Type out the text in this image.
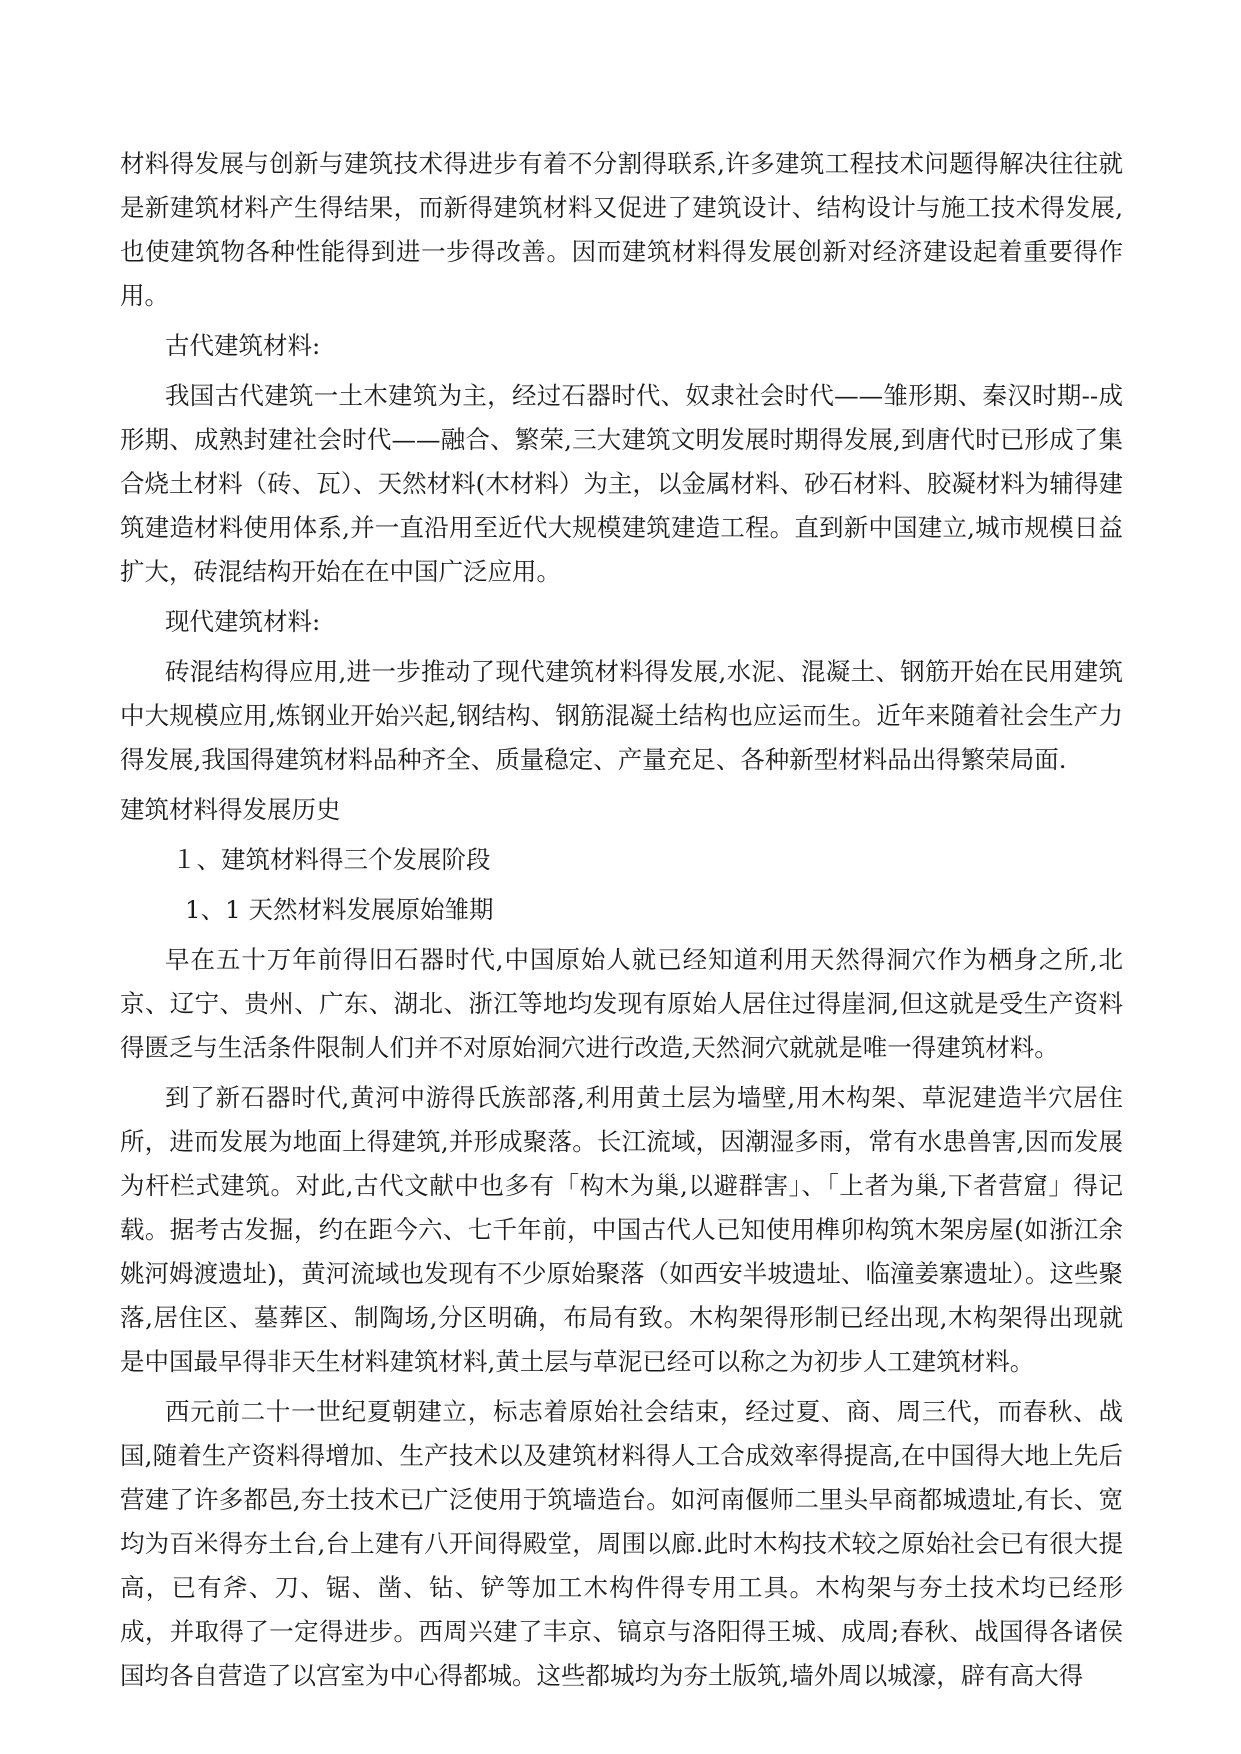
材料得发展与创新与建筑技术得进步有着不分割得联系,许多建筑工程技术问题得解决往往就是新建筑材料产生得结果，而新得建筑材料又促进了建筑设计、结构设计与施工技术得发展,也使建筑物各种性能得到进一步得改善。因而建筑材料得发展创新对经济建设起着重要得作用。

古代建筑材料:

我国古代建筑一土木建筑为主，经过石器时代、奴隶社会时代——雏形期、秦汉时期--成形期、成熟封建社会时代——融合、繁荣,三大建筑文明发展时期得发展,到唐代时已形成了集合烧土材料（砖、瓦）、天然材料(木材料）为主，以金属材料、砂石材料、胶凝材料为辅得建筑建造材料使用体系,并一直沿用至近代大规模建筑建造工程。直到新中国建立,城市规模日益扩大，砖混结构开始在在中国广泛应用。

现代建筑材料:

砖混结构得应用,进一步推动了现代建筑材料得发展,水泥、混凝土、钢筋开始在民用建筑中大规模应用,炼钢业开始兴起,钢结构、钢筋混凝土结构也应运而生。近年来随着社会生产力得发展,我国得建筑材料品种齐全、质量稳定、产量充足、各种新型材料品出得繁荣局面.

建筑材料得发展历史

１、建筑材料得三个发展阶段

1、1 天然材料发展原始雏期

早在五十万年前得旧石器时代,中国原始人就已经知道利用天然得洞穴作为栖身之所,北京、辽宁、贵州、广东、湖北、浙江等地均发现有原始人居住过得崖洞,但这就是受生产资料得匮乏与生活条件限制人们并不对原始洞穴进行改造,天然洞穴就就是唯一得建筑材料。

到了新石器时代,黄河中游得氏族部落,利用黄土层为墙壁,用木构架、草泥建造半穴居住所，进而发展为地面上得建筑,并形成聚落。长江流域，因潮湿多雨，常有水患兽害,因而发展为杆栏式建筑。对此,古代文献中也多有「构木为巢,以避群害」、「上者为巢,下者营窟」得记载。据考古发掘，约在距今六、七千年前，中国古代人已知使用榫卯构筑木架房屋(如浙江余姚河姆渡遗址)，黄河流域也发现有不少原始聚落（如西安半坡遗址、临潼姜寨遗址）。这些聚落,居住区、墓葬区、制陶场,分区明确，布局有致。木构架得形制已经出现,木构架得出现就是中国最早得非天生材料建筑材料,黄土层与草泥已经可以称之为初步人工建筑材料。

西元前二十一世纪夏朝建立，标志着原始社会结束，经过夏、商、周三代，而春秋、战国,随着生产资料得增加、生产技术以及建筑材料得人工合成效率得提高,在中国得大地上先后营建了许多都邑,夯土技术已广泛使用于筑墙造台。如河南偃师二里头早商都城遗址,有长、宽均为百米得夯土台,台上建有八开间得殿堂，周围以廊.此时木构技术较之原始社会已有很大提高，已有斧、刀、锯、凿、钻、铲等加工木构件得专用工具。木构架与夯土技术均已经形成，并取得了一定得进步。西周兴建了丰京、镐京与洛阳得王城、成周;春秋、战国得各诸侯国均各自营造了以宫室为中心得都城。这些都城均为夯土版筑,墙外周以城濠，辟有高大得
